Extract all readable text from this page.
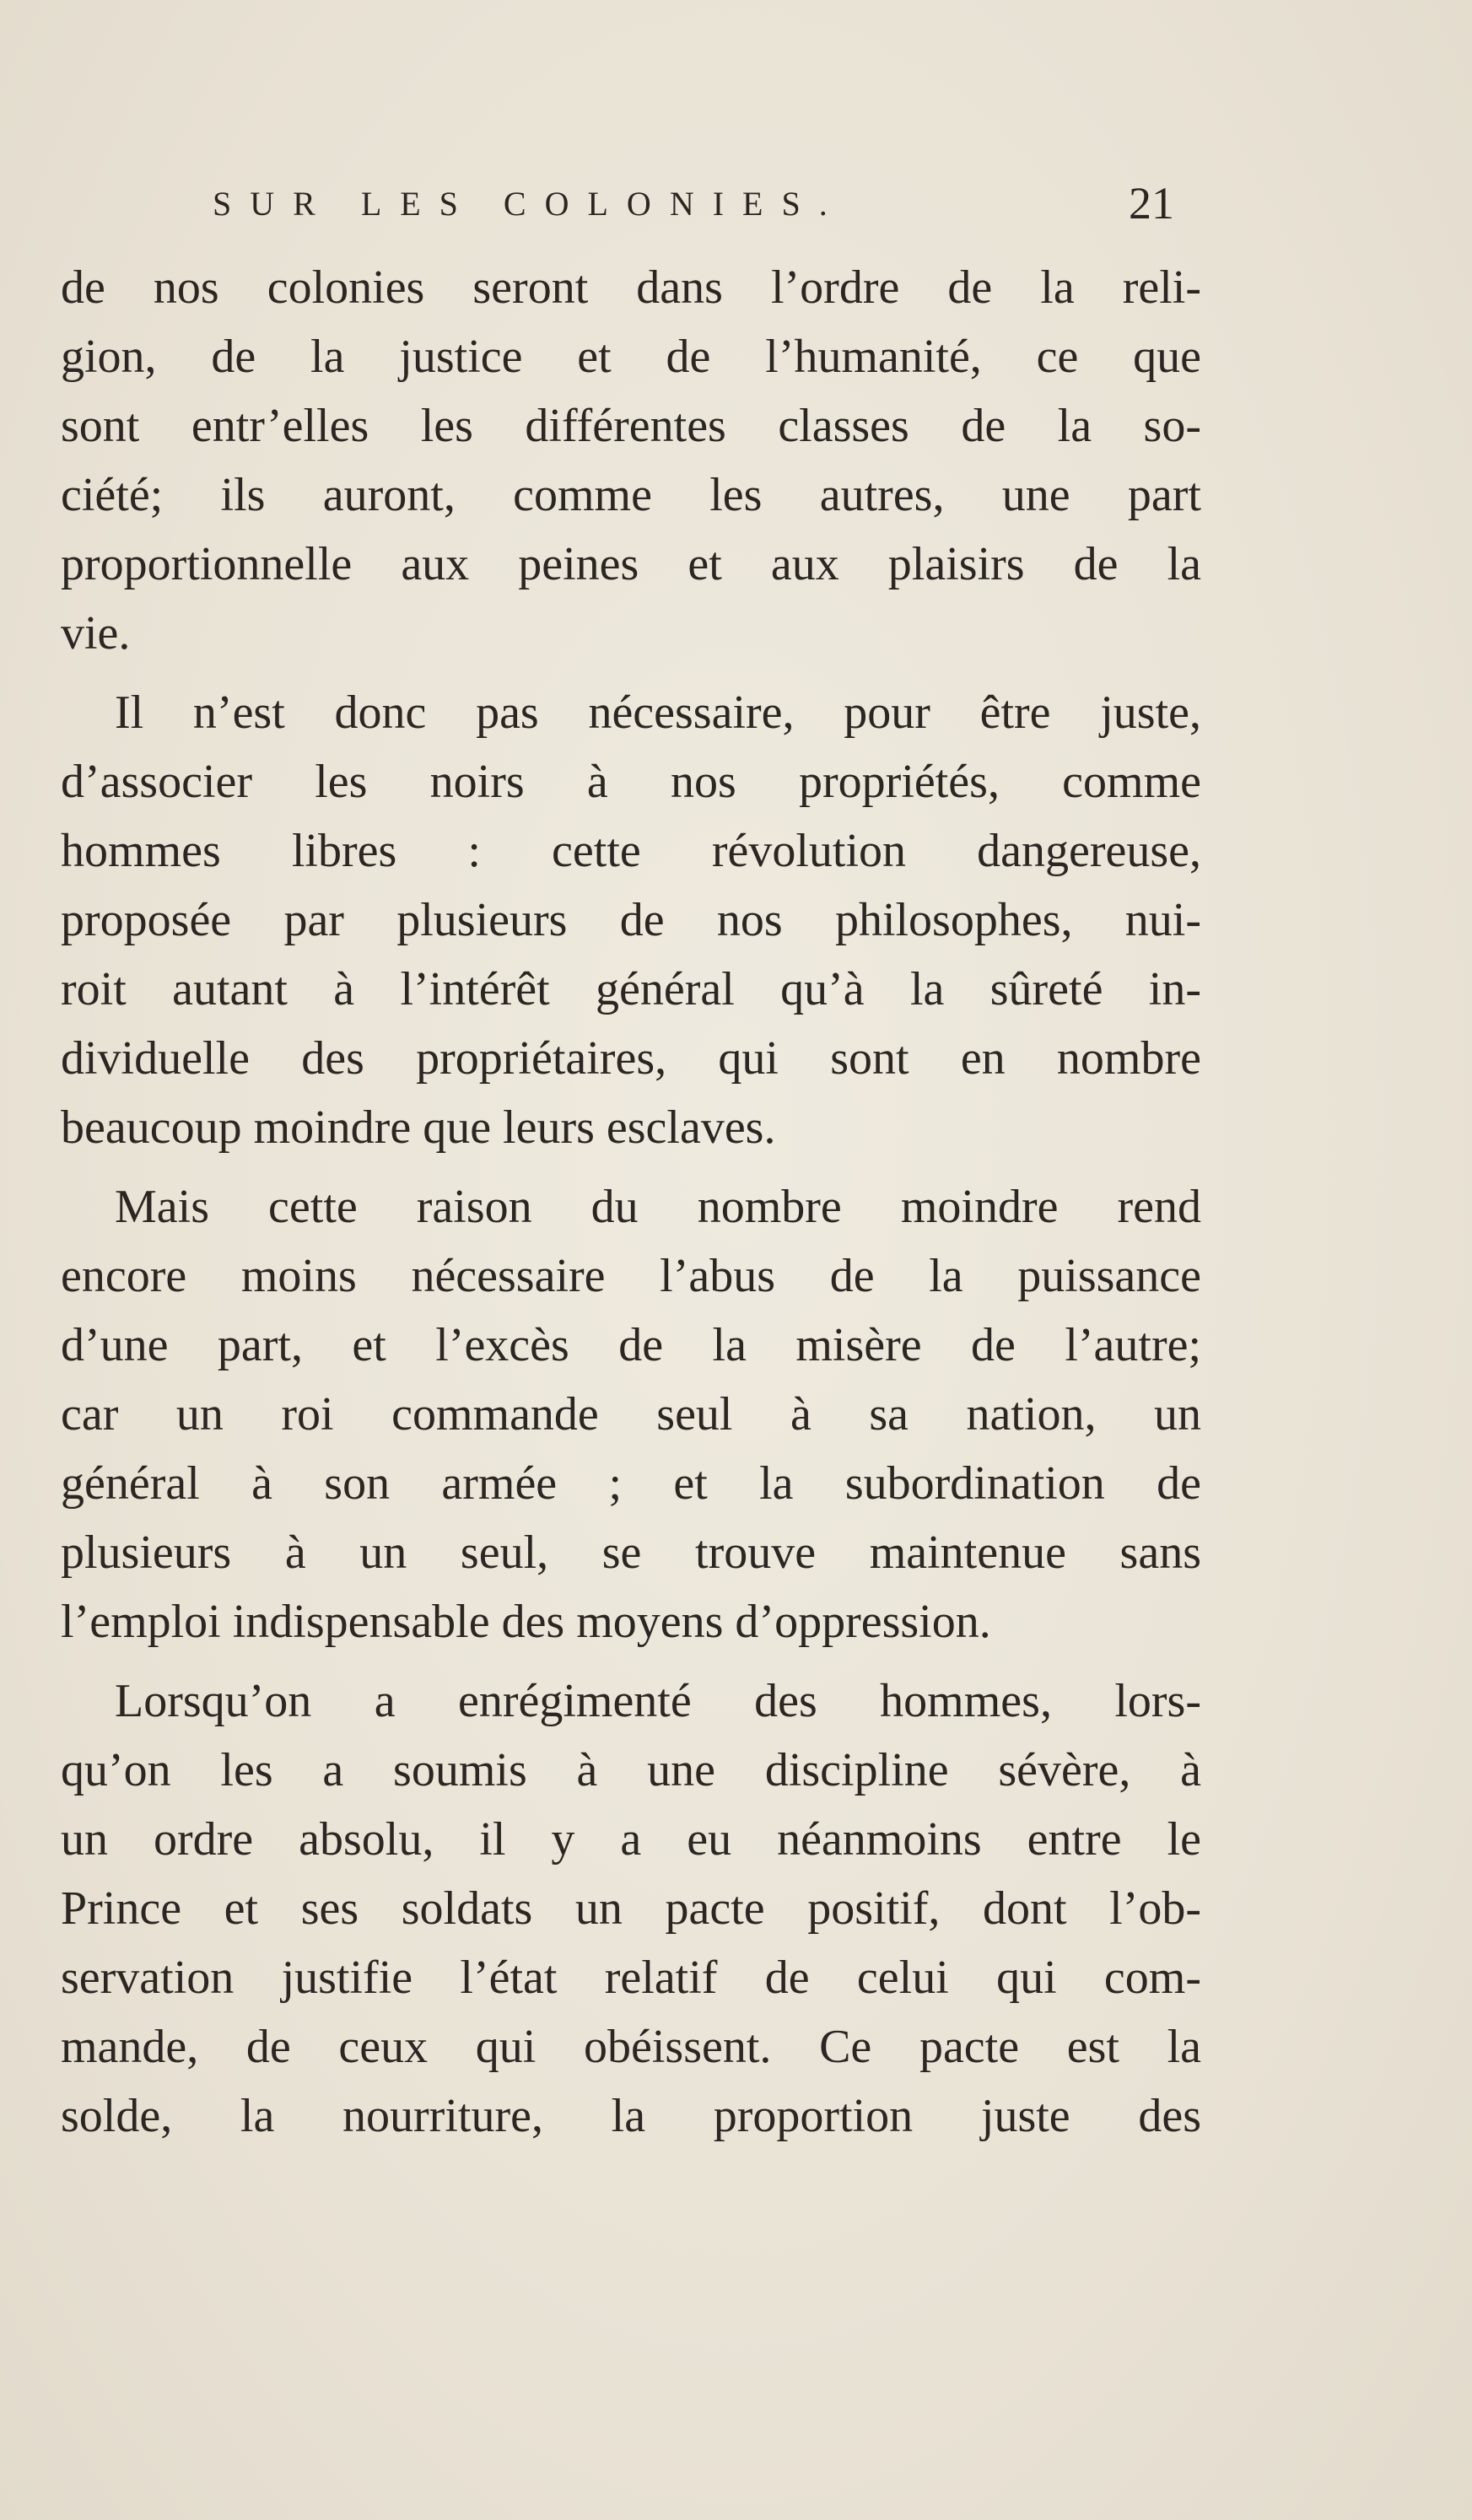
SUR LES COLONIES.	21
de nos colonies seront dans l’ordre de la reli-
gion, de la justice et de l’humanité, ce que
sont entr’elles les différentes classes de la so-
ciété; ils auront, comme les autres, une part
proportionnelle aux peines et aux plaisirs de la
vie.
Il n’est donc pas nécessaire, pour être juste,
d’associer les noirs à nos propriétés, comme
hommes libres : cette révolution dangereuse,
proposée par plusieurs de nos philosophes, nui-
roit autant à l’intérêt général qu’à la sûreté in-
dividuelle des propriétaires, qui sont en nombre
beaucoup moindre que leurs esclaves.
Mais cette raison du nombre moindre rend
encore moins nécessaire l’abus de la puissance
d’une part, et l’excès de la misère de l’autre;
car un roi commande seul à sa nation, un
général à son armée ; et la subordination de
plusieurs à un seul, se trouve maintenue sans
l’emploi indispensable des moyens d’oppression.
Lorsqu’on a enrégimenté des hommes, lors-
qu’on les a soumis à une discipline sévère, à
un ordre absolu, il y a eu néanmoins entre le
Prince et ses soldats un pacte positif, dont l’ob-
servation justifie l’état relatif de celui qui com-
mande, de ceux qui obéissent. Ce pacte est la
solde, la nourriture, la proportion juste des
